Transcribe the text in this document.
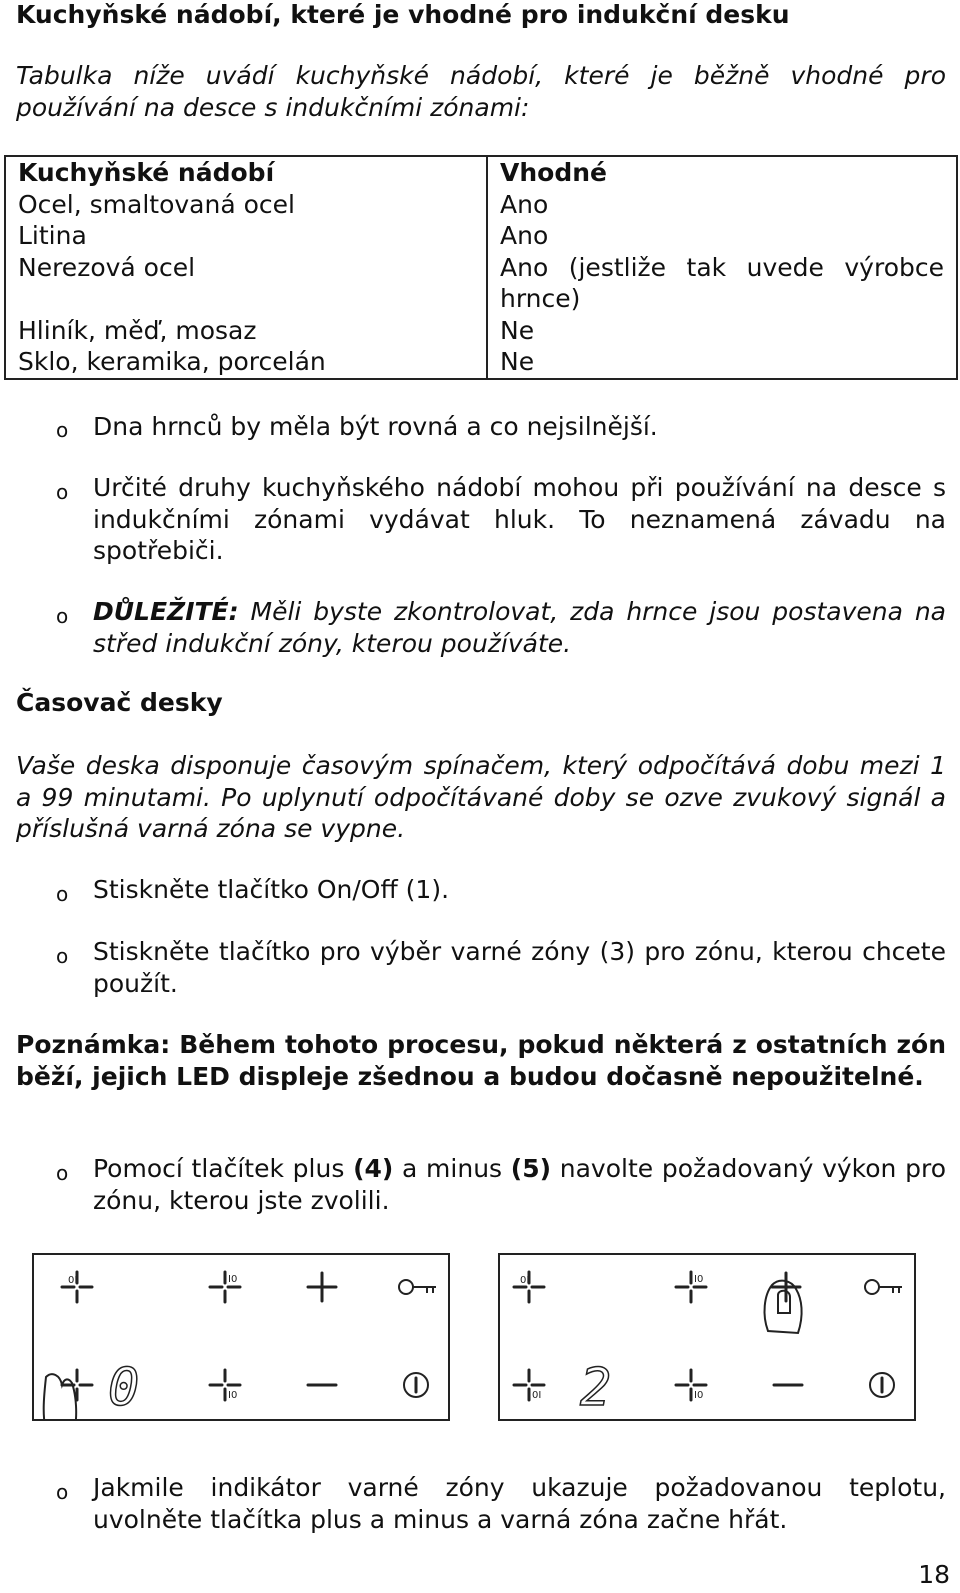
Kuchyňské nádobí, které je vhodné pro indukční desku
Tabulka níže uvádí kuchyňské nádobí, které je běžně vhodné pro používání na desce s indukčními zónami:
Kuchyňské nádobí	Vhodné
Ocel, smaltovaná ocel	Ano
Litina	Ano
Nerezová ocel	Ano (jestliže tak uvede výrobce hrnce)
Hliník, měď, mosaz	Ne
Sklo, keramika, porcelán	Ne
o Dna hrnců by měla být rovná a co nejsilnější.
o Určité druhy kuchyňského nádobí mohou při používání na desce s indukčními zónami vydávat hluk. To neznamená závadu na spotřebiči.
o DŮLEŽITÉ: Měli byste zkontrolovat, zda hrnce jsou postavena na střed indukční zóny, kterou používáte.
Časovač desky
Vaše deska disponuje časovým spínačem, který odpočítává dobu mezi 1 a 99 minutami. Po uplynutí odpočítávané doby se ozve zvukový signál a příslušná varná zóna se vypne.
o Stiskněte tlačítko On/Off (1).
o Stiskněte tlačítko pro výběr varné zóny (3) pro zónu, kterou chcete použít.
Poznámka: Během tohoto procesu, pokud některá z ostatních zón běží, jejich LED displeje zšednou a budou dočasně nepoužitelné.
o Pomocí tlačítek plus (4) a minus (5) navolte požadovaný výkon pro zónu, kterou jste zvolili.
0I	I0
0	I0
0I	I0
0I 2	I0
o Jakmile indikátor varné zóny ukazuje požadovanou teplotu, uvolněte tlačítka plus a minus a varná zóna začne hřát.
18
